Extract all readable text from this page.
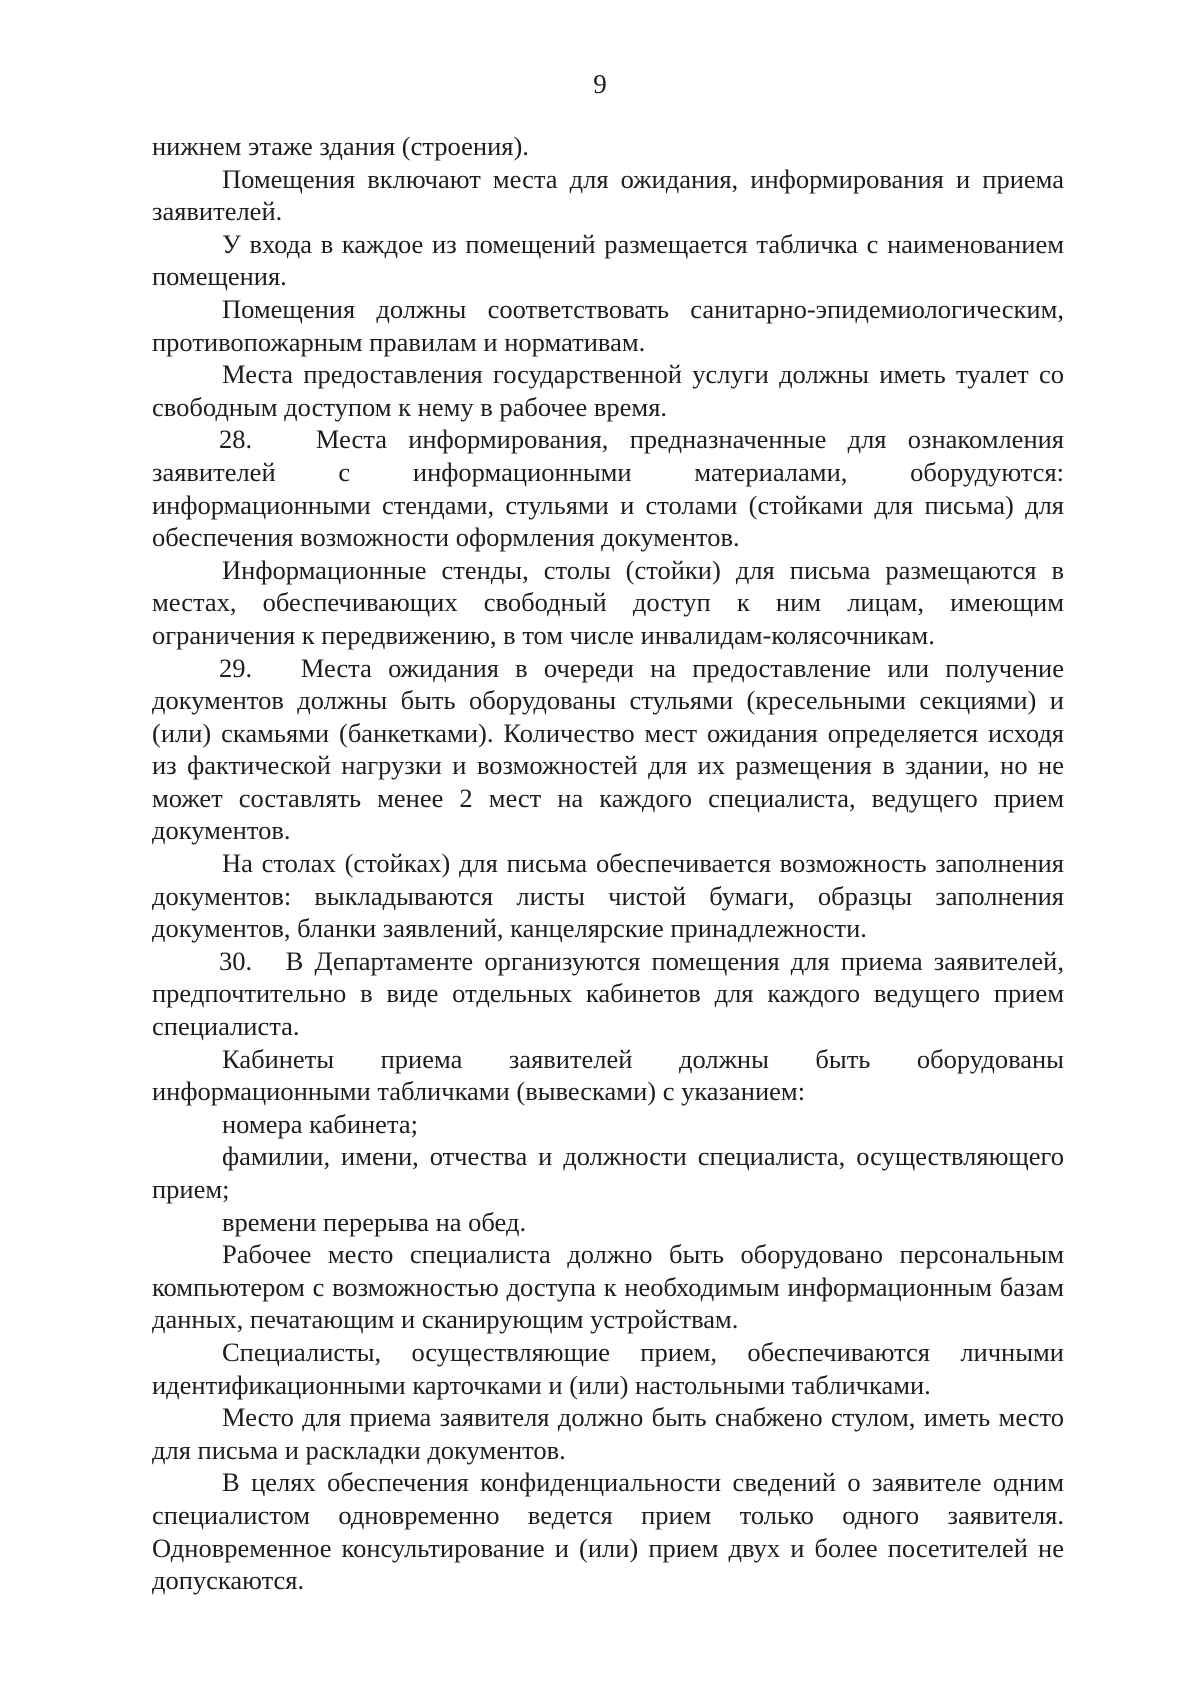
9

нижнем этаже здания (строения).

Помещения включают места для ожидания, информирования и приема заявителей.

У входа в каждое из помещений размещается табличка с наименованием помещения.

Помещения должны соответствовать санитарно-эпидемиологическим, противопожарным правилам и нормативам.

Места предоставления государственной услуги должны иметь туалет со свободным доступом к нему в рабочее время.

28.   Места информирования, предназначенные для ознакомления заявителей с информационными материалами, оборудуются: информационными стендами, стульями и столами (стойками для письма) для обеспечения возможности оформления документов.

Информационные стенды, столы (стойки) для письма размещаются в местах, обеспечивающих свободный доступ к ним лицам, имеющим ограничения к передвижению, в том числе инвалидам-колясочникам.

29.   Места ожидания в очереди на предоставление или получение документов должны быть оборудованы стульями (кресельными секциями) и (или) скамьями (банкетками). Количество мест ожидания определяется исходя из фактической нагрузки и возможностей для их размещения в здании, но не может составлять менее 2 мест на каждого специалиста, ведущего прием документов.

На столах (стойках) для письма обеспечивается возможность заполнения документов: выкладываются листы чистой бумаги, образцы заполнения документов, бланки заявлений, канцелярские принадлежности.

30.   В Департаменте организуются помещения для приема заявителей, предпочтительно в виде отдельных кабинетов для каждого ведущего прием специалиста.

Кабинеты приема заявителей должны быть оборудованы информационными табличками (вывесками) с указанием:

номера кабинета;

фамилии, имени, отчества и должности специалиста, осуществляющего прием;

времени перерыва на обед.

Рабочее место специалиста должно быть оборудовано персональным компьютером с возможностью доступа к необходимым информационным базам данных, печатающим и сканирующим устройствам.

Специалисты, осуществляющие прием, обеспечиваются личными идентификационными карточками и (или) настольными табличками.

Место для приема заявителя должно быть снабжено стулом, иметь место для письма и раскладки документов.

В целях обеспечения конфиденциальности сведений о заявителе одним специалистом одновременно ведется прием только одного заявителя. Одновременное консультирование и (или) прием двух и более посетителей не допускаются.
